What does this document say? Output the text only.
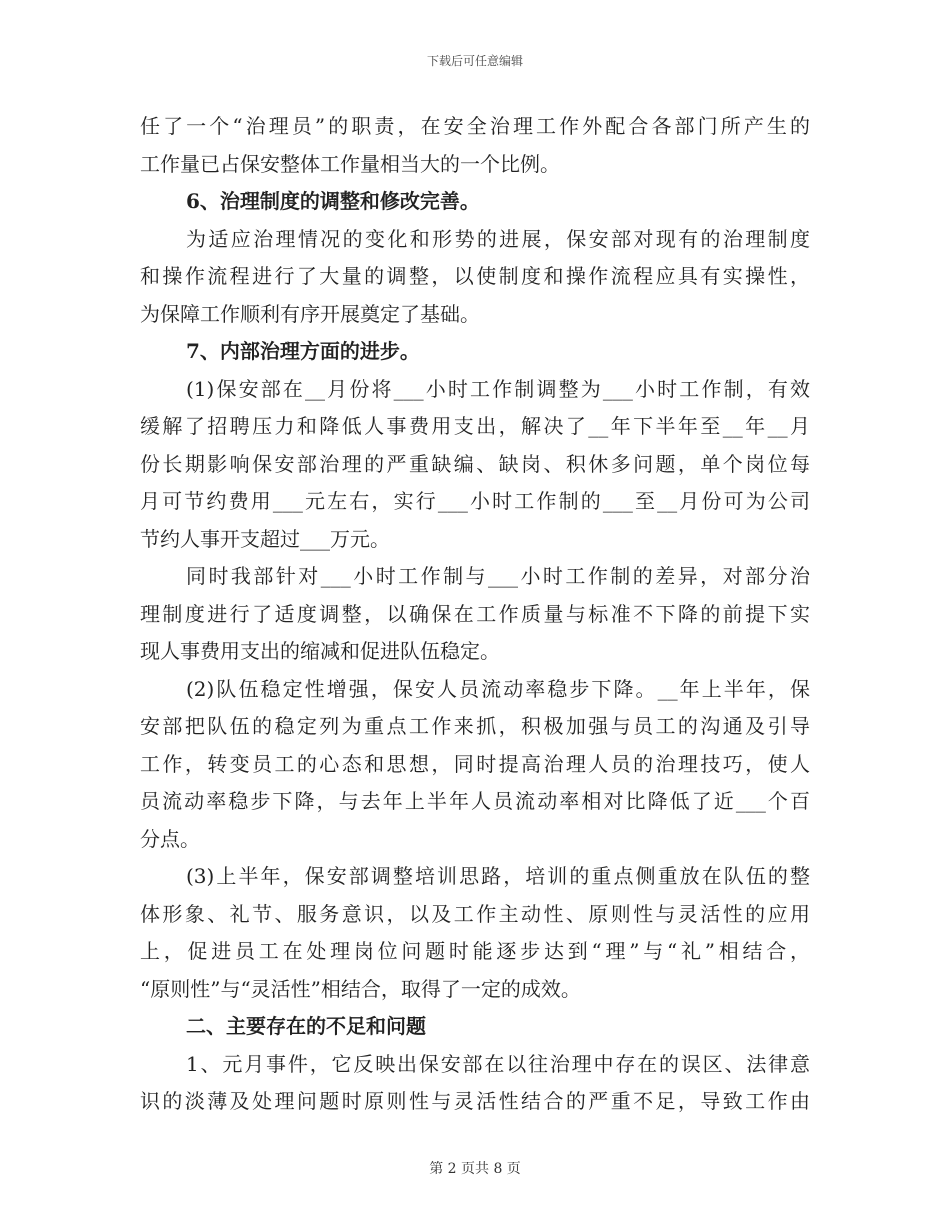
下载后可任意编辑
任了一个“治理员”的职责，在安全治理工作外配合各部门所产生的
工作量已占保安整体工作量相当大的一个比例。
6、治理制度的调整和修改完善。
为适应治理情况的变化和形势的进展，保安部对现有的治理制度
和操作流程进行了大量的调整，以使制度和操作流程应具有实操性，
为保障工作顺利有序开展奠定了基础。
7、内部治理方面的进步。
(1)保安部在__月份将___小时工作制调整为___小时工作制，有效
缓解了招聘压力和降低人事费用支出，解决了__年下半年至__年__月
份长期影响保安部治理的严重缺编、缺岗、积休多问题，单个岗位每
月可节约费用___元左右，实行___小时工作制的___至__月份可为公司
节约人事开支超过___万元。
同时我部针对___小时工作制与___小时工作制的差异，对部分治
理制度进行了适度调整，以确保在工作质量与标准不下降的前提下实
现人事费用支出的缩减和促进队伍稳定。
(2)队伍稳定性增强，保安人员流动率稳步下降。__年上半年，保
安部把队伍的稳定列为重点工作来抓，积极加强与员工的沟通及引导
工作，转变员工的心态和思想，同时提高治理人员的治理技巧，使人
员流动率稳步下降，与去年上半年人员流动率相对比降低了近___个百
分点。
(3)上半年，保安部调整培训思路，培训的重点侧重放在队伍的整
体形象、礼节、服务意识，以及工作主动性、原则性与灵活性的应用
上，促进员工在处理岗位问题时能逐步达到“理”与“礼”相结合，
“原则性”与“灵活性”相结合，取得了一定的成效。
二、主要存在的不足和问题
1、元月事件，它反映出保安部在以往治理中存在的误区、法律意
识的淡薄及处理问题时原则性与灵活性结合的严重不足，导致工作由
第 2 页共 8 页
